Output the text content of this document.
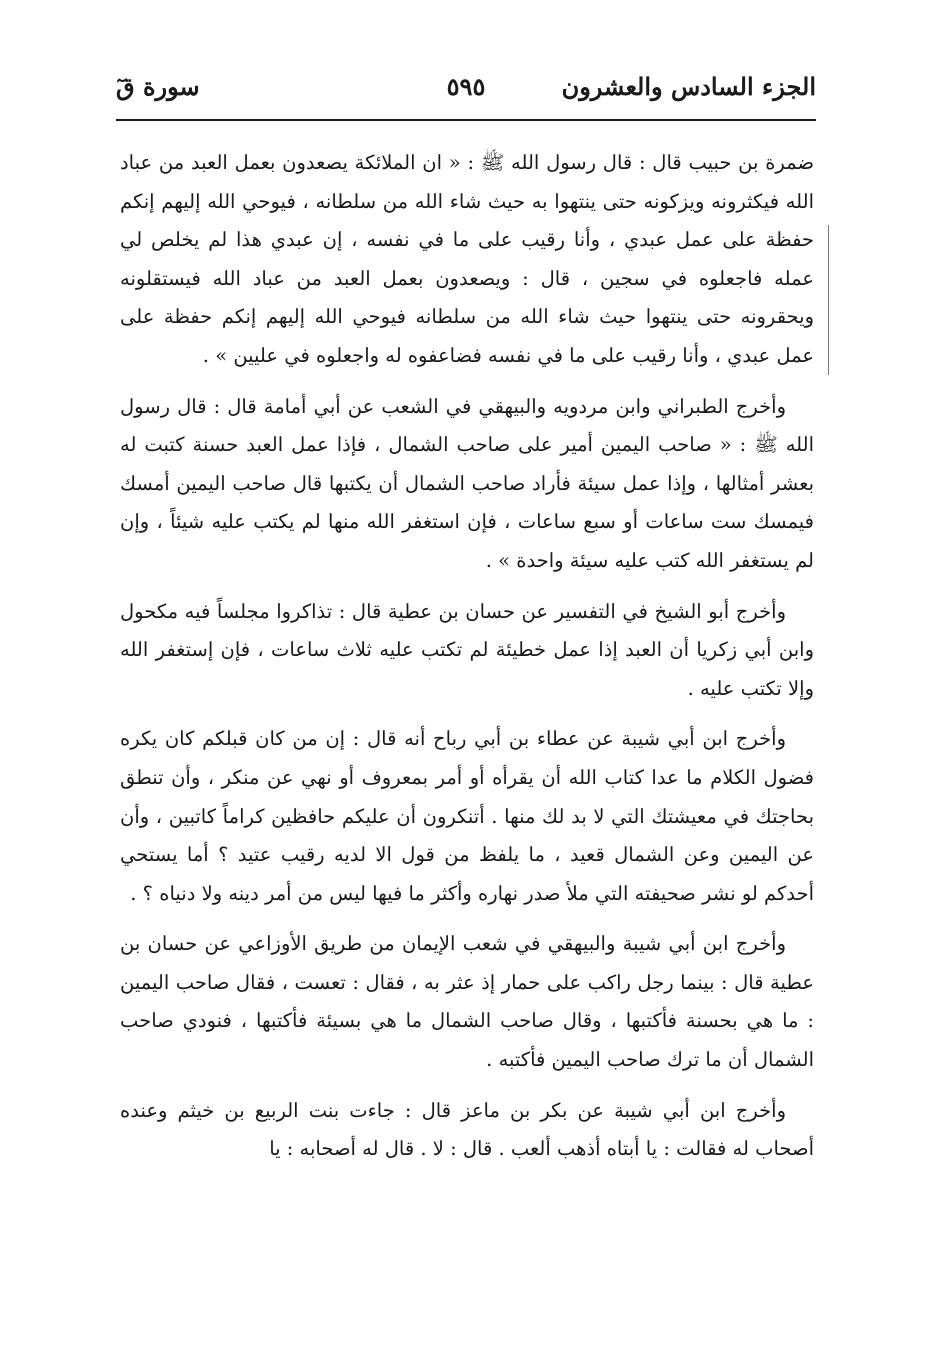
الجزء السادس والعشرون
٥٩٥
سورة قٓ

ضمرة بن حبيب قال : قال رسول الله ﷺ : « ان الملائكة يصعدون بعمل العبد من عباد الله فيكثرونه ويزكونه حتى ينتهوا به حيث شاء الله من سلطانه ، فيوحي الله إليهم إنكم حفظة على عمل عبدي ، وأنا رقيب على ما في نفسه ، إن عبدي هذا لم يخلص لي عمله فاجعلوه في سجين ، قال : ويصعدون بعمل العبد من عباد الله فيستقلونه ويحقرونه حتى ينتهوا حيث شاء الله من سلطانه فيوحي الله إليهم إنكم حفظة على عمل عبدي ، وأنا رقيب على ما في نفسه فضاعفوه له واجعلوه في عليين » .

وأخرج الطبراني وابن مردويه والبيهقي في الشعب عن أبي أمامة قال : قال رسول الله ﷺ : « صاحب اليمين أمير على صاحب الشمال ، فإذا عمل العبد حسنة كتبت له بعشر أمثالها ، وإذا عمل سيئة فأراد صاحب الشمال أن يكتبها قال صاحب اليمين أمسك فيمسك ست ساعات أو سبع ساعات ، فإن استغفر الله منها لم يكتب عليه شيئاً ، وإن لم يستغفر الله كتب عليه سيئة واحدة » .

وأخرج أبو الشيخ في التفسير عن حسان بن عطية قال : تذاكروا مجلساً فيه مكحول وابن أبي زكريا أن العبد إذا عمل خطيئة لم تكتب عليه ثلاث ساعات ، فإن إستغفر الله وإلا تكتب عليه .

وأخرج ابن أبي شيبة عن عطاء بن أبي رباح أنه قال : إن من كان قبلكم كان يكره فضول الكلام ما عدا كتاب الله أن يقرأه أو أمر بمعروف أو نهي عن منكر ، وأن تنطق بحاجتك في معيشتك التي لا بد لك منها . أتنكرون أن عليكم حافظين كراماً كاتبين ، وأن عن اليمين وعن الشمال قعيد ، ما يلفظ من قول الا لديه رقيب عتيد ؟ أما يستحي أحدكم لو نشر صحيفته التي ملأ صدر نهاره وأكثر ما فيها ليس من أمر دينه ولا دنياه ؟ .

وأخرج ابن أبي شيبة والبيهقي في شعب الإيمان من طريق الأوزاعي عن حسان بن عطية قال : بينما رجل راكب على حمار إذ عثر به ، فقال : تعست ، فقال صاحب اليمين : ما هي بحسنة فأكتبها ، وقال صاحب الشمال ما هي بسيئة فأكتبها ، فنودي صاحب الشمال أن ما ترك صاحب اليمين فأكتبه .

وأخرج ابن أبي شيبة عن بكر بن ماعز قال : جاءت بنت الربيع بن خيثم وعنده أصحاب له فقالت : يا أبتاه أذهب ألعب . قال : لا . قال له أصحابه : يا
